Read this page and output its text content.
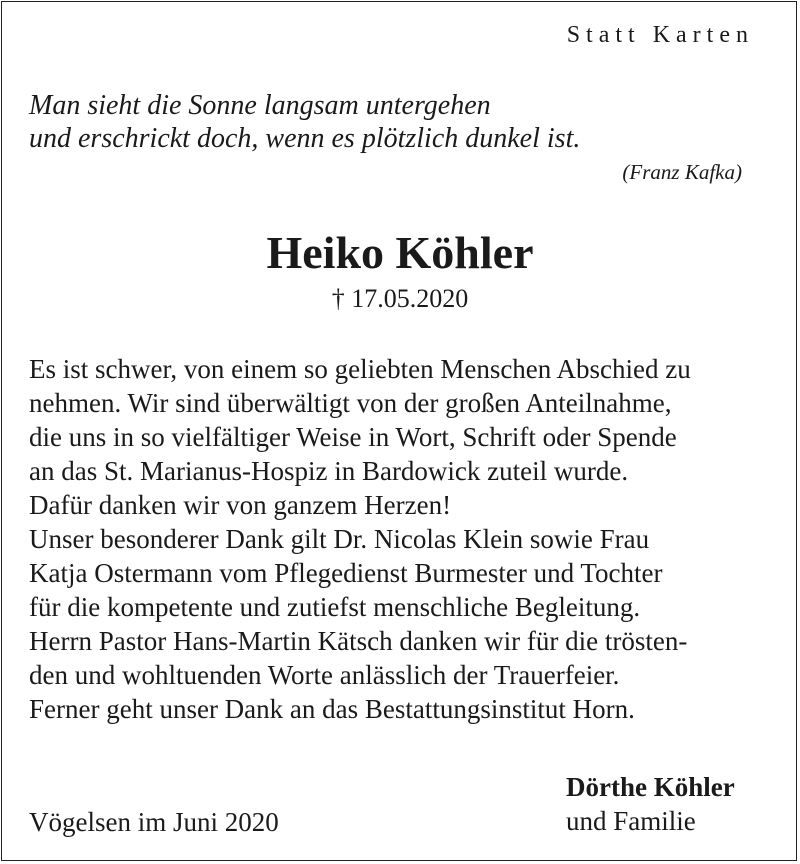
Statt Karten
Man sieht die Sonne langsam untergehen
und erschrickt doch, wenn es plötzlich dunkel ist.
(Franz Kafka)
Heiko Köhler
† 17.05.2020
Es ist schwer, von einem so geliebten Menschen Abschied zu
nehmen. Wir sind überwältigt von der großen Anteilnahme,
die uns in so vielfältiger Weise in Wort, Schrift oder Spende
an das St. Marianus-Hospiz in Bardowick zuteil wurde.
Dafür danken wir von ganzem Herzen!
Unser besonderer Dank gilt Dr. Nicolas Klein sowie Frau
Katja Ostermann vom Pflegedienst Burmester und Tochter
für die kompetente und zutiefst menschliche Begleitung.
Herrn Pastor Hans-Martin Kätsch danken wir für die trösten-
den und wohltuenden Worte anlässlich der Trauerfeier.
Ferner geht unser Dank an das Bestattungsinstitut Horn.
Dörthe Köhler
und Familie
Vögelsen im Juni 2020
